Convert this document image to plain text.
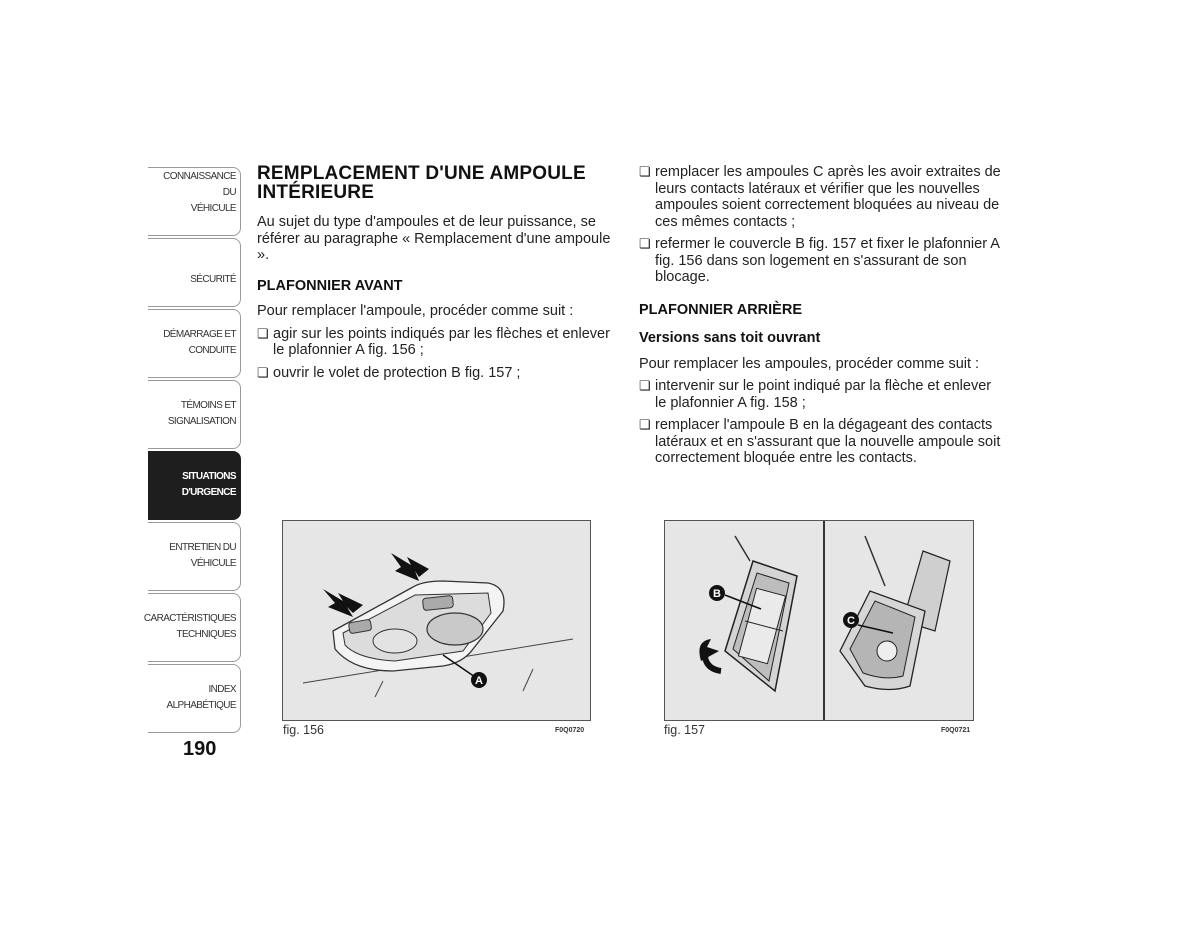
CONNAISSANCE DU
VÉHICULE
SÉCURITÉ
DÉMARRAGE ET
CONDUITE
TÉMOINS ET
SIGNALISATION
SITUATIONS
D'URGENCE
ENTRETIEN DU
VÉHICULE
CARACTÉRISTIQUES
TECHNIQUES
INDEX
ALPHABÉTIQUE
190
REMPLACEMENT D'UNE AMPOULE INTÉRIEURE

Au sujet du type d'ampoules et de leur puissance, se référer au paragraphe « Remplacement d'une ampoule ».

PLAFONNIER AVANT

Pour remplacer l'ampoule, procéder comme suit :

❏ agir sur les points indiqués par les flèches et enlever le plafonnier A fig. 156 ;
❏ ouvrir le volet de protection B fig. 157 ;
❏ remplacer les ampoules C après les avoir extraites de leurs contacts latéraux et vérifier que les nouvelles ampoules soient correctement bloquées au niveau de ces mêmes contacts ;
❏ refermer le couvercle B fig. 157 et fixer le plafonnier A fig. 156 dans son logement en s'assurant de son blocage.
PLAFONNIER ARRIÈRE
Versions sans toit ouvrant

Pour remplacer les ampoules, procéder comme suit :

❏ intervenir sur le point indiqué par la flèche et enlever le plafonnier A fig. 158 ;
❏ remplacer l'ampoule B en la dégageant des contacts latéraux et en s'assurant que la nouvelle ampoule soit correctement bloquée entre les contacts.
A
fig. 156	F0Q0720
B
C
fig. 157	F0Q0721
